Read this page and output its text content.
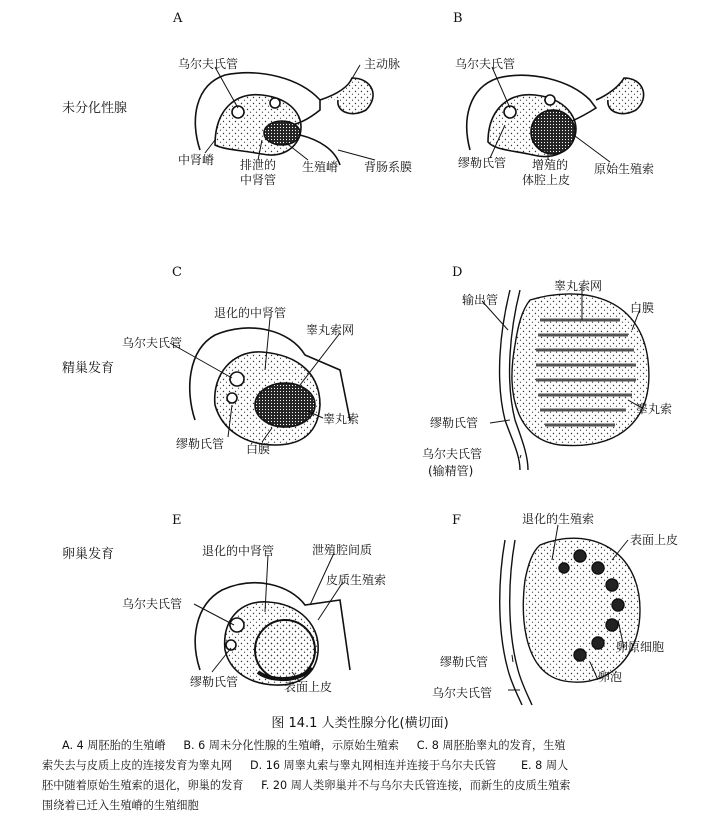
未分化性腺
精巢发育
卵巢发育
A	B
C	D
E	F
乌尔夫氏管	主动脉
中肾嵴 排泄的
中肾管
生殖嵴 背肠系膜
乌尔夫氏管
缪勒氏管 增殖的
体腔上皮
原始生殖索
退化的中肾管
乌尔夫氏管
睾丸索网
缪勒氏管
睾丸索
白膜
输出管
睾丸索网
白膜
睾丸索
缪勒氏管
乌尔夫氏管
(输精管)
退化的中肾管	泄殖腔间质
皮质生殖索
乌尔夫氏管
缪勒氏管	表面上皮
退化的生殖索
表面上皮
卵原细胞
缪勒氏管
卵泡
乌尔夫氏管
图 14.1 人类性腺分化(横切面)
A. 4 周胚胎的生殖嵴 B. 6 周未分化性腺的生殖嵴，示原始生殖索 C. 8 周胚胎睾丸的发育，生殖
索失去与皮质上皮的连接发育为睾丸网 D. 16 周睾丸索与睾丸网相连并连接于乌尔夫氏管 E. 8 周人
胚中随着原始生殖索的退化，卵巢的发育 F. 20 周人类卵巢并不与乌尔夫氏管连接，而新生的皮质生殖索
围绕着已迁入生殖嵴的生殖细胞
